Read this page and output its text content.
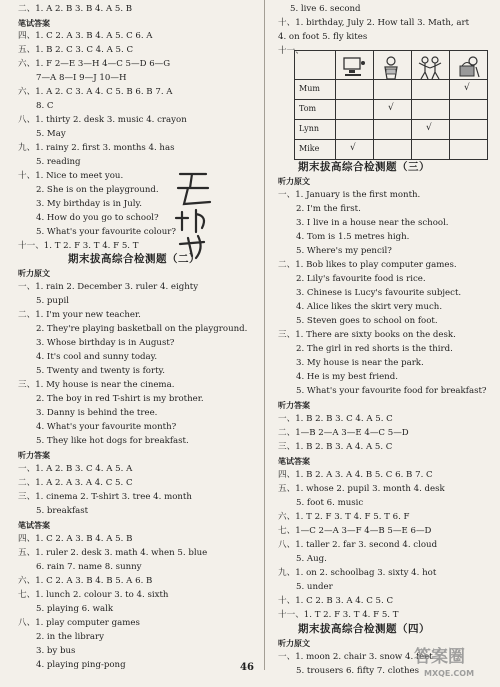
二、1. A 2. B 3. B 4. A 5. B
笔试答案
四、1. C 2. A 3. B 4. A 5. C 6. A
五、1. B 2. C 3. C 4. A 5. C
六、1. F 2—E 3—H 4—C 5—D 6—G
7—A 8—I 9—J 10—H
六、1. A 2. C 3. A 4. C 5. B 6. B 7. A
8. C
八、1. thirty 2. desk 3. music 4. crayon
5. May
九、1. rainy 2. first 3. months 4. has
5. reading
十、1. Nice to meet you.
2. She is on the playground.
3. My birthday is in July.
4. How do you go to school?
5. What's your favourite colour?
十一、1. T 2. F 3. T 4. F 5. T
期末拔高综合检测题（二）
听力原文
一、1. rain 2. December 3. ruler 4. eighty
5. pupil
二、1. I'm your new teacher.
2. They're playing basketball on the playground.
3. Whose birthday is in August?
4. It's cool and sunny today.
5. Twenty and twenty is forty.
三、1. My house is near the cinema.
2. The boy in red T-shirt is my brother.
3. Danny is behind the tree.
4. What's your favourite month?
5. They like hot dogs for breakfast.
听力答案
一、1. A 2. B 3. C 4. A 5. A
二、1. A 2. A 3. A 4. C 5. C
三、1. cinema 2. T-shirt 3. tree 4. month
5. breakfast
笔试答案
四、1. C 2. A 3. B 4. A 5. B
五、1. ruler 2. desk 3. math 4. when 5. blue
6. rain 7. name 8. sunny
六、1. C 2. A 3. B 4. B 5. A 6. B
七、1. lunch 2. colour 3. to 4. sixth
5. playing 6. walk
八、1. play computer games
2. in the library
3. by bus
4. playing ping-pong
Mum
Tom
Lynn
Mike
√
√
√
√
5. live 6. second
十、1. birthday, July 2. How tall 3. Math, art
4. on foot 5. fly kites
十一、
期末拔高综合检测题（三）
听力原文
一、1. January is the first month.
2. I'm the first.
3. I live in a house near the school.
4. Tom is 1.5 metres high.
5. Where's my pencil?
二、1. Bob likes to play computer games.
2. Lily's favourite food is rice.
3. Chinese is Lucy's favourite subject.
4. Alice likes the skirt very much.
5. Steven goes to school on foot.
三、1. There are sixty books on the desk.
2. The girl in red shorts is the third.
3. My house is near the park.
4. He is my best friend.
5. What's your favourite food for breakfast?
听力答案
一、1. B 2. B 3. C 4. A 5. C
二、1—B 2—A 3—E 4—C 5—D
三、1. B 2. B 3. A 4. A 5. C
笔试答案
四、1. B 2. A 3. A 4. B 5. C 6. B 7. C
五、1. whose 2. pupil 3. month 4. desk
5. foot 6. music
六、1. T 2. F 3. T 4. F 5. T 6. F
七、1—C 2—A 3—F 4—B 5—E 6—D
八、1. taller 2. far 3. second 4. cloud
5. Aug.
九、1. on 2. schoolbag 3. sixty 4. hot
5. under
十、1. C 2. B 3. A 4. C 5. C
十一、1. T 2. F 3. T 4. F 5. T
期末拔高综合检测题（四）
听力原文
一、1. moon 2. chair 3. snow 4. feet
5. trousers 6. fifty 7. clothes
46
答案圈
MXQE.COM
